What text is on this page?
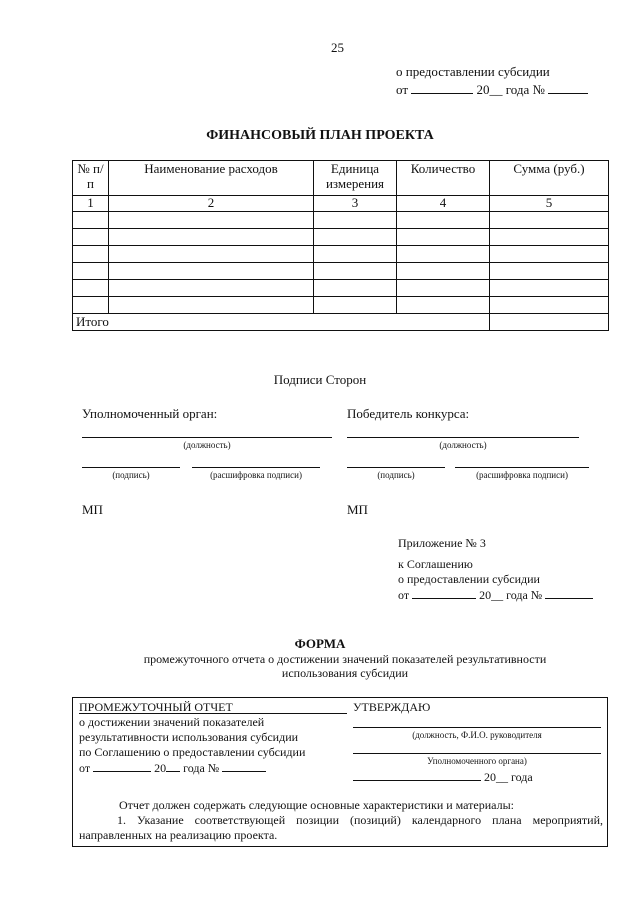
25
о предоставлении субсидии
от	20__ года №
ФИНАНСОВЫЙ ПЛАН ПРОЕКТА
№ п/п	Наименование расходов	Единица измерения	Количество	Сумма (руб.)
1	2	3	4	5

Итого				
Подписи Сторон
Уполномоченный орган:	Победитель конкурса:
(должность)
(подпись)	(расшифровка подписи)
МП
(должность)
(подпись)	(расшифровка подписи)
МП
Приложение № 3
к Соглашению
о предоставлении субсидии
от	20__ года №
ФОРМА
промежуточного отчета о достижении значений показателей результативности
использования субсидии
ПРОМЕЖУТОЧНЫЙ ОТЧЕТ
о достижении значений показателей
результативности использования субсидии
по Соглашению о предоставлении субсидии
от	20 года №
УТВЕРЖДАЮ
(должность, Ф.И.О. руководителя
Уполномоченного органа)
20__ года
Отчет должен содержать следующие основные характеристики и материалы:
1. Указание соответствующей позиции (позиций) календарного плана мероприятий,
направленных на реализацию проекта.
